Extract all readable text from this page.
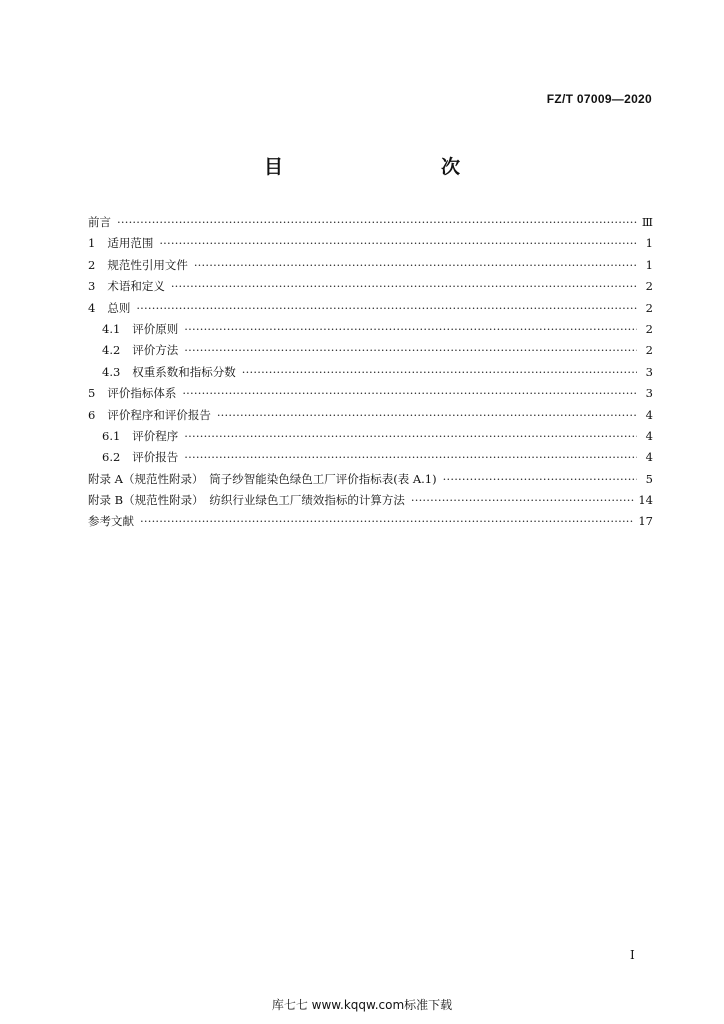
FZ/T 07009—2020
目　　次
前言 ·····	Ⅲ
1 适用范围 ·····	1
2 规范性引用文件 ·····	1
3 术语和定义 ·····	2
4 总则 ·····	2
4.1 评价原则 ·····	2
4.2 评价方法 ·····	2
4.3 权重系数和指标分数 ·····	3
5 评价指标体系 ·····	3
6 评价程序和评价报告 ·····	4
6.1 评价程序 ·····	4
6.2 评价报告 ·····	4
附录 A（规范性附录）　筒子纱智能染色绿色工厂评价指标表(表 A.1) ·····	5
附录 B（规范性附录）　纺织行业绿色工厂绩效指标的计算方法 ·····	14
参考文献 ·····	17
I
库七七 www.kqqw.com标准下载
